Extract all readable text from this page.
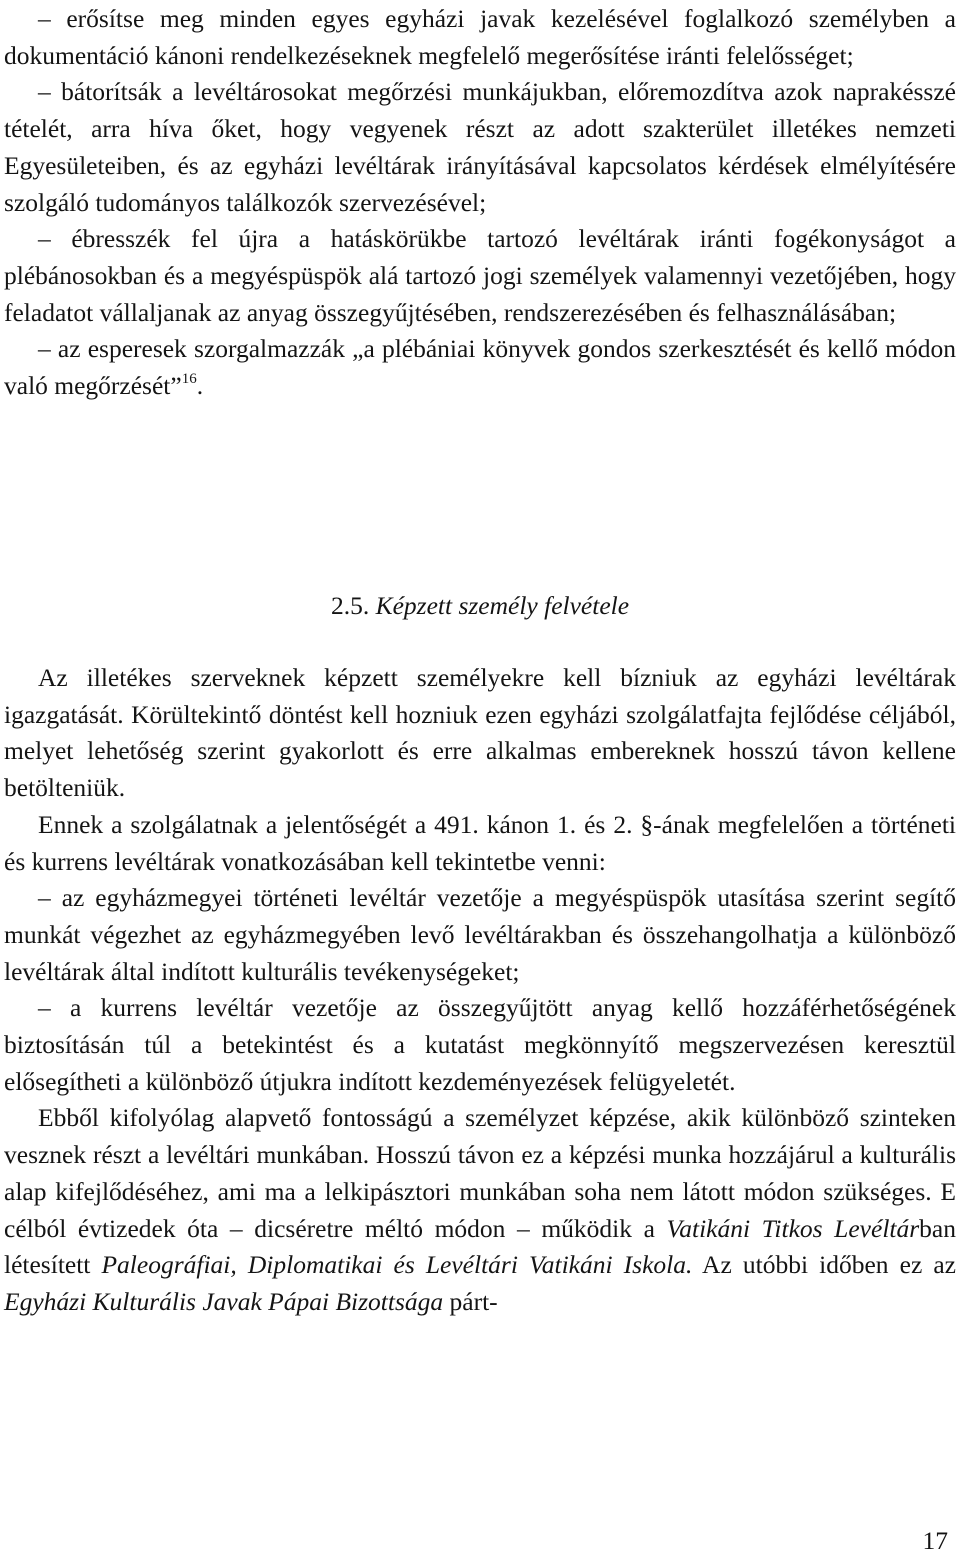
– erősítse meg minden egyes egyházi javak kezelésével foglalkozó személyben a dokumentáció kánoni rendelkezéseknek megfelelő megerősítése iránti felelősséget;

– bátorítsák a levéltárosokat megőrzési munkájukban, előremozdítva azok naprakésszé tételét, arra híva őket, hogy vegyenek részt az adott szakterület illetékes nemzeti Egyesületeiben, és az egyházi levéltárak irányításával kapcsolatos kérdések elmélyítésére szolgáló tudományos találkozók szervezésével;

– ébresszék fel újra a hatáskörükbe tartozó levéltárak iránti fogékonyságot a plébánosokban és a megyéspüspök alá tartozó jogi személyek valamennyi vezetőjében, hogy feladatot vállaljanak az anyag összegyűjtésében, rendszerezésében és felhasználásában;

– az esperesek szorgalmazzák „a plébániai könyvek gondos szerkesztését és kellő módon való megőrzését”$^{16}$.

2.5. Képzett személy felvétele

Az illetékes szerveknek képzett személyekre kell bízniuk az egyházi levéltárak igazgatását. Körültekintő döntést kell hozniuk ezen egyházi szolgálatfajta fejlődése céljából, melyet lehetőség szerint gyakorlott és erre alkalmas embereknek hosszú távon kellene betölteniük.

Ennek a szolgálatnak a jelentőségét a 491. kánon 1. és 2. §-ának megfelelően a történeti és kurrens levéltárak vonatkozásában kell tekintetbe venni:

– az egyházmegyei történeti levéltár vezetője a megyéspüspök utasítása szerint segítő munkát végezhet az egyházmegyében levő levéltárakban és összehangolhatja a különböző levéltárak által indított kulturális tevékenységeket;

– a kurrens levéltár vezetője az összegyűjtött anyag kellő hozzáférhetőségének biztosításán túl a betekintést és a kutatást megkönnyítő megszervezésen keresztül elősegítheti a különböző útjukra indított kezdeményezések felügyeletét.

Ebből kifolyólag alapvető fontosságú a személyzet képzése, akik különböző szinteken vesznek részt a levéltári munkában. Hosszú távon ez a képzési munka hozzájárul a kulturális alap kifejlődéséhez, ami ma a lelkipásztori munkában soha nem látott módon szükséges. E célból évtizedek óta – dicséretre méltó módon – működik a Vatikáni Titkos Levéltárban létesített Paleográfiai, Diplomatikai és Levéltári Vatikáni Iskola. Az utóbbi időben ez az Egyházi Kulturális Javak Pápai Bizottsága párt-

17
